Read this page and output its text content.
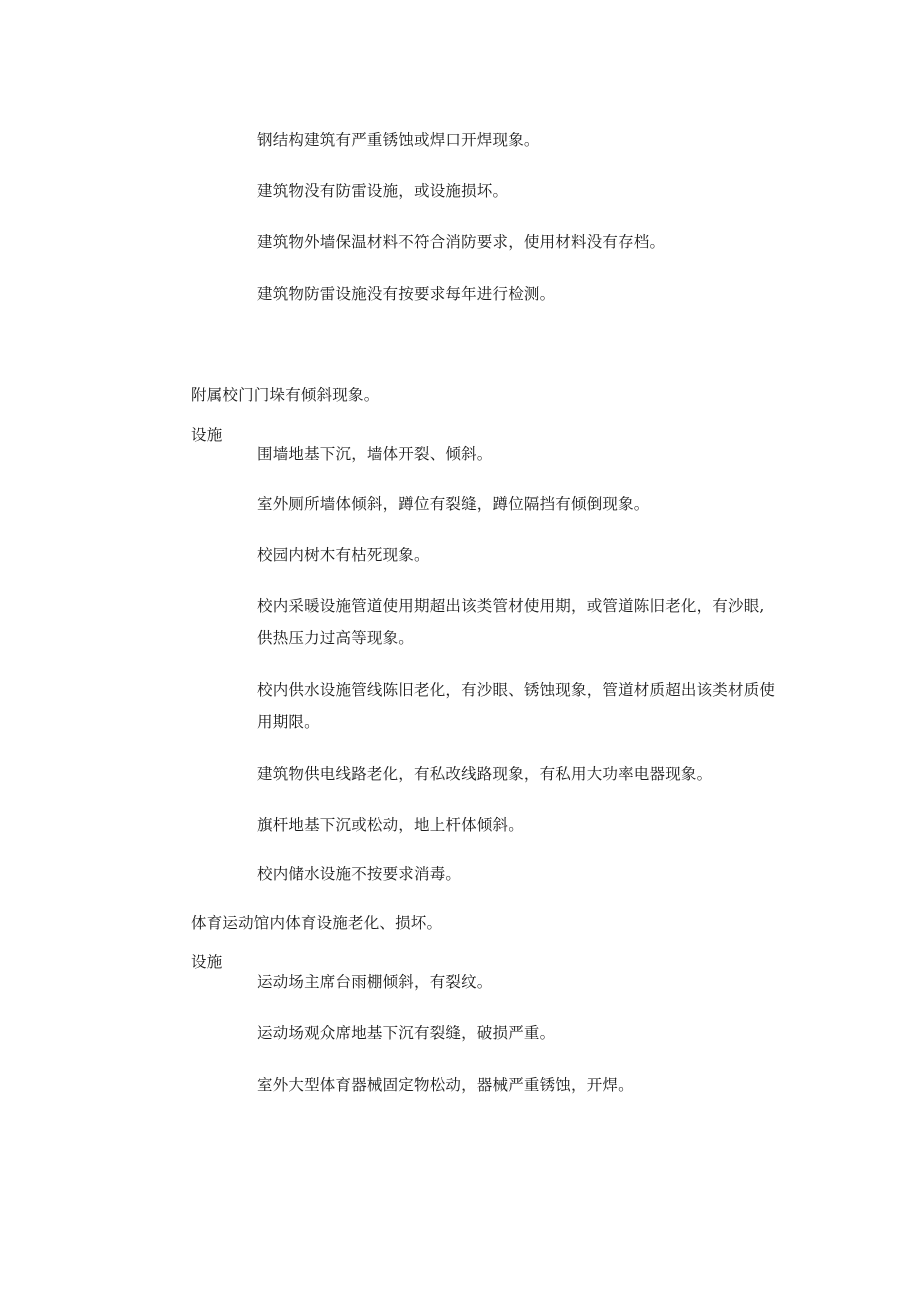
钢结构建筑有严重锈蚀或焊口开焊现象。
建筑物没有防雷设施，或设施损坏。
建筑物外墙保温材料不符合消防要求，使用材料没有存档。
建筑物防雷设施没有按要求每年进行检测。
附属校门门垛有倾斜现象。
设施
围墙地基下沉，墙体开裂、倾斜。
室外厕所墙体倾斜，蹲位有裂缝，蹲位隔挡有倾倒现象。
校园内树木有枯死现象。
校内采暖设施管道使用期超出该类管材使用期，或管道陈旧老化，有沙眼,供热压力过高等现象。
校内供水设施管线陈旧老化，有沙眼、锈蚀现象，管道材质超出该类材质使用期限。
建筑物供电线路老化，有私改线路现象，有私用大功率电器现象。
旗杆地基下沉或松动，地上杆体倾斜。
校内储水设施不按要求消毒。
体育运动馆内体育设施老化、损坏。
设施
运动场主席台雨棚倾斜，有裂纹。
运动场观众席地基下沉有裂缝，破损严重。
室外大型体育器械固定物松动，器械严重锈蚀，开焊。
